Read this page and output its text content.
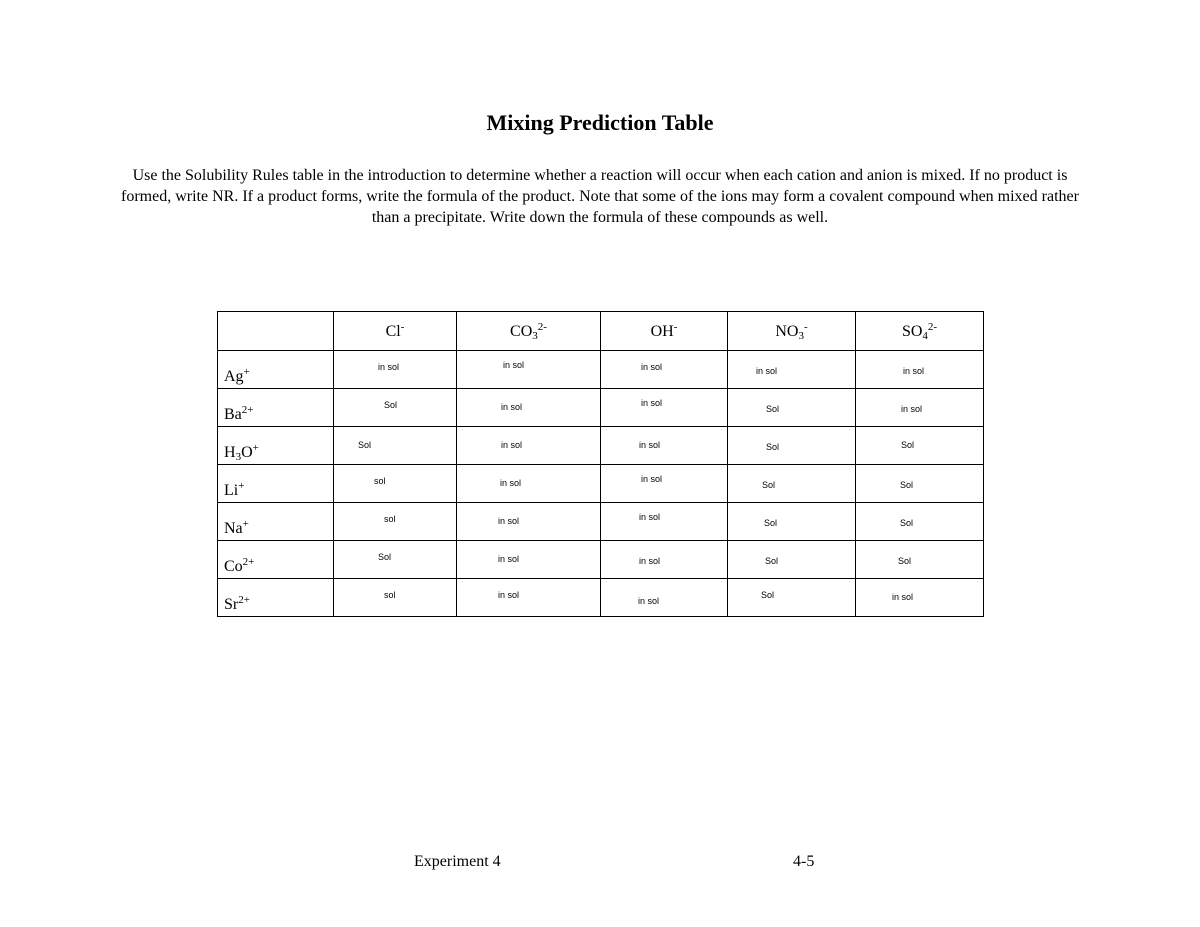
Mixing Prediction Table
Use the Solubility Rules table in the introduction to determine whether a reaction will occur when each cation and anion is mixed. If no product is formed, write NR. If a product forms, write the formula of the product. Note that some of the ions may form a covalent compound when mixed rather than a precipitate. Write down the formula of these compounds as well.
	Cl-	$CO_3^{2-}$	OH-	$NO_3^-$	$SO_4^{2-}$
Ag+	in sol	in sol	in sol	in sol	in sol

$Ba^{2+}$	Sol	in sol	in sol	Sol	in sol

$H_3O^+$	Sol	in sol	in sol	Sol	Sol

Li+	sol	in sol	in sol	Sol	Sol

Na+	sol	in sol	in sol	Sol	Sol

$Co^{2+}$	Sol	in sol	in sol	Sol	Sol

$Sr^{2+}$	sol	in sol	in sol	Sol	in sol
Experiment 4	4-5
